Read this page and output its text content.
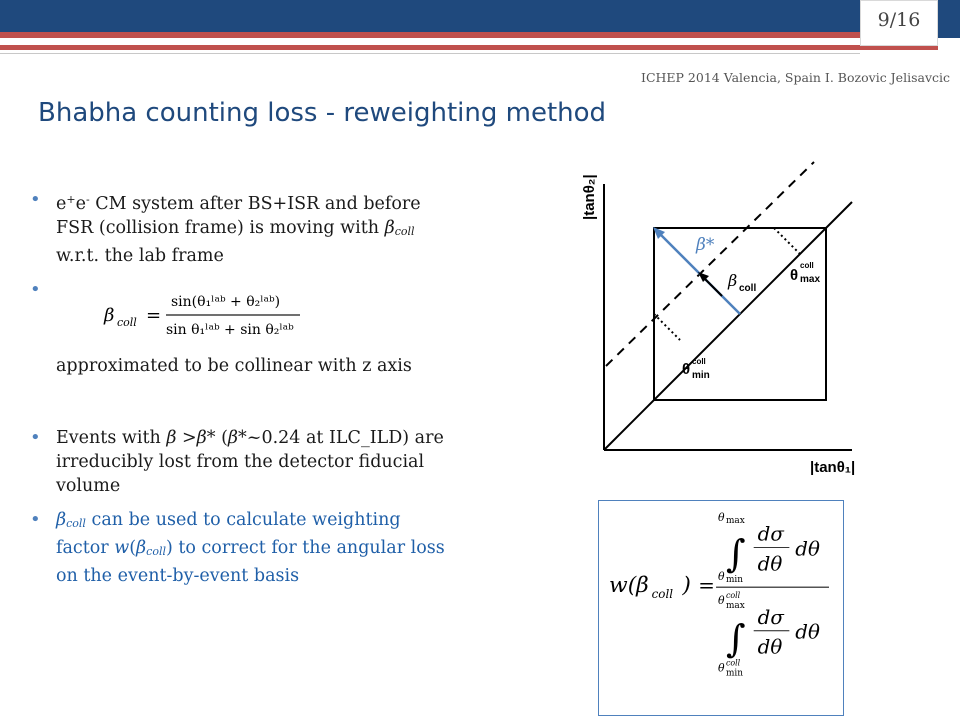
9/16
ICHEP 2014 Valencia, Spain I. Bozovic Jelisavcic
Bhabha counting loss - reweighting method
• e+e- CM system after BS+ISR and before FSR (collision frame) is moving with βcoll w.r.t. the lab frame
•
• Events with β >β* (β*~0.24 at ILC_ILD) are irreducibly lost from the detector fiducial volume
• βcoll can be used to calculate weighting factor w(βcoll) to correct for the angular loss on the event-by-event basis
β coll =
sin(θ₁ˡᵃᵇ + θ₂ˡᵃᵇ)
sin θ₁ˡᵃᵇ + sin θ₂ˡᵃᵇ
approximated to be collinear with z axis
|tanθ₂|
|tanθ₁|
β*
β coll
θ
coll
max
θ coll
min
w(β coll ) =
θ max
∫
θ min
dσ
dθ
dθ
θ coll
max
∫
θ coll
min
dσ
dθ
dθ
